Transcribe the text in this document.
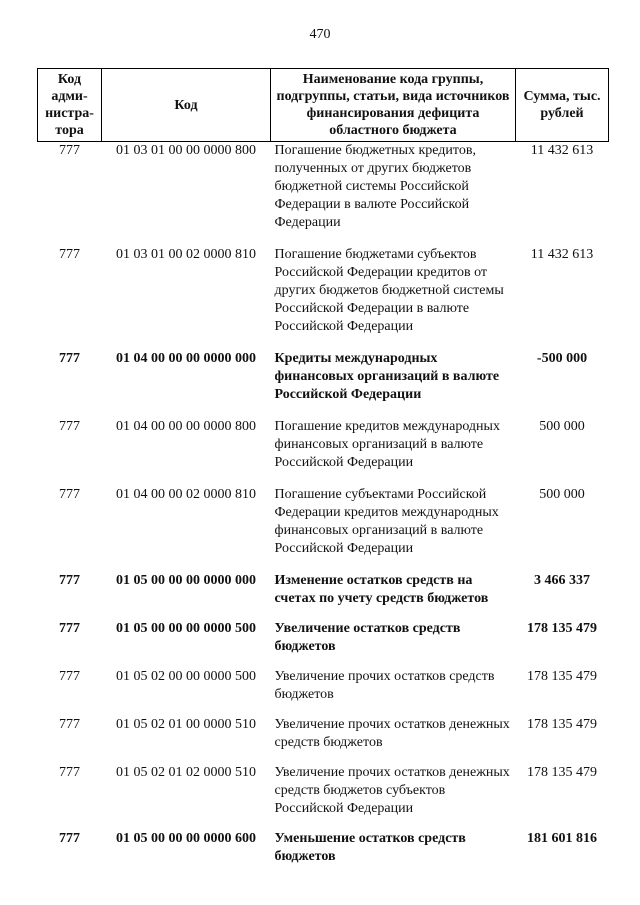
470
Код адми-нистра-тора	Код	Наименование кода группы, подгруппы, статьи, вида источников финансирования дефицита областного бюджета	Сумма, тыс. рублей
777	01 03 01 00 00 0000 800	Погашение бюджетных кредитов, полученных от других бюджетов бюджетной системы Российской Федерации в валюте Российской Федерации	11 432 613
777	01 03 01 00 02 0000 810	Погашение бюджетами субъектов Российской Федерации кредитов от других бюджетов бюджетной системы Российской Федерации в валюте Российской Федерации	11 432 613
777	01 04 00 00 00 0000 000	Кредиты международных финансовых организаций в валюте Российской Федерации	-500 000
777	01 04 00 00 00 0000 800	Погашение кредитов международных финансовых организаций в валюте Российской Федерации	500 000
777	01 04 00 00 02 0000 810	Погашение субъектами Российской Федерации кредитов международных финансовых организаций в валюте Российской Федерации	500 000
777	01 05 00 00 00 0000 000	Изменение остатков средств на счетах по учету средств бюджетов	3 466 337
777	01 05 00 00 00 0000 500	Увеличение остатков средств бюджетов	178 135 479
777	01 05 02 00 00 0000 500	Увеличение прочих остатков средств бюджетов	178 135 479
777	01 05 02 01 00 0000 510	Увеличение прочих остатков денежных средств бюджетов	178 135 479
777	01 05 02 01 02 0000 510	Увеличение прочих остатков денежных средств бюджетов субъектов Российской Федерации	178 135 479
777	01 05 00 00 00 0000 600	Уменьшение остатков средств бюджетов	181 601 816
